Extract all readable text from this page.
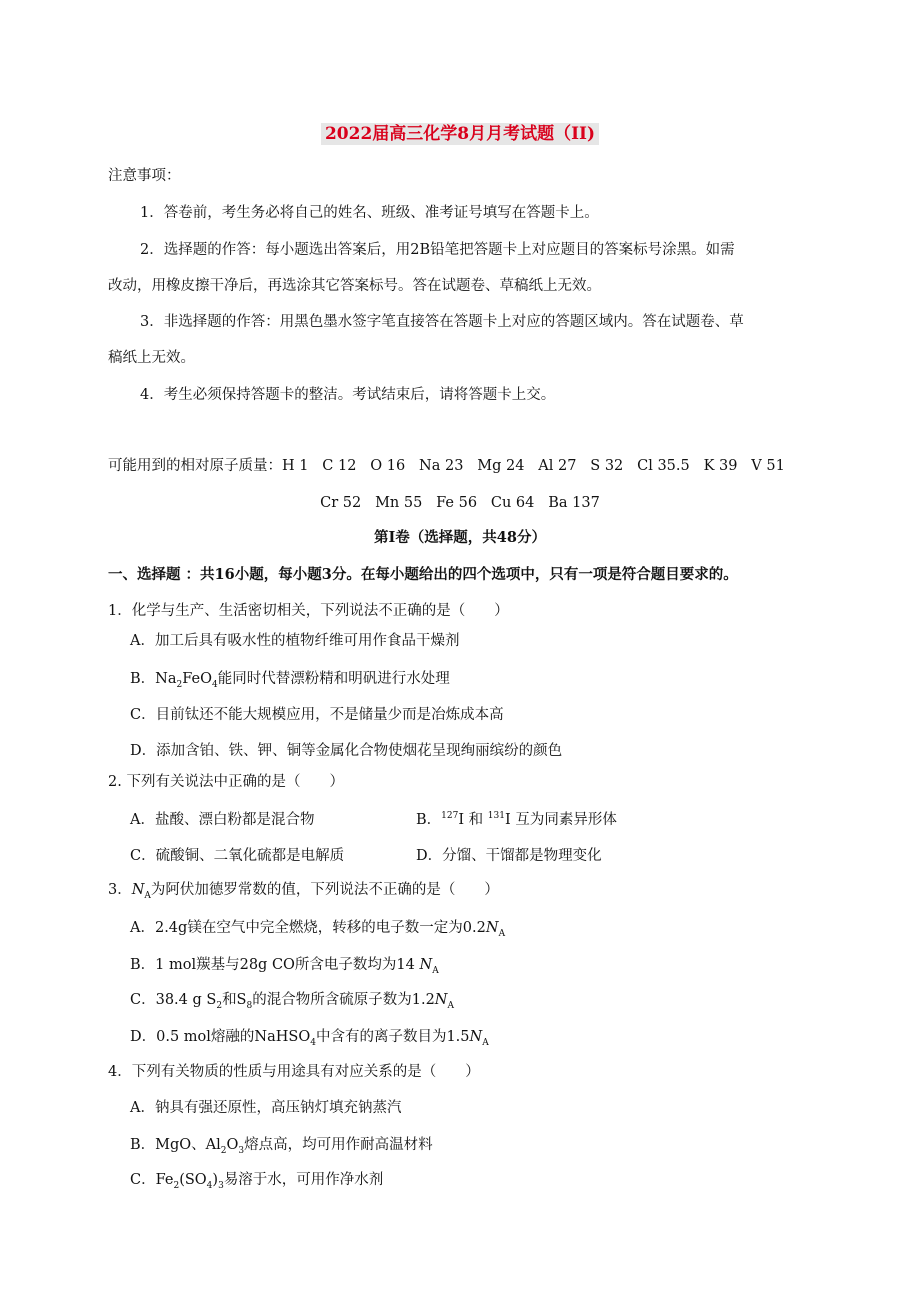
2022届高三化学8月月考试题（II)
注意事项：
1．答卷前，考生务必将自己的姓名、班级、准考证号填写在答题卡上。
2．选择题的作答：每小题选出答案后，用2B铅笔把答题卡上对应题目的答案标号涂黑。如需
改动，用橡皮擦干净后，再选涂其它答案标号。答在试题卷、草稿纸上无效。
3．非选择题的作答：用黑色墨水签字笔直接答在答题卡上对应的答题区域内。答在试题卷、草
稿纸上无效。
4．考生必须保持答题卡的整洁。考试结束后，请将答题卡上交。
可能用到的相对原子质量：H 1   C 12   O 16   Na 23   Mg 24   Al 27   S 32   Cl 35.5   K 39   V 51
Cr 52   Mn 55   Fe 56   Cu 64   Ba 137
第Ⅰ卷（选择题，共48分）
一、选择题 ：共16小题，每小题3分。在每小题给出的四个选项中，只有一项是符合题目要求的。
1．化学与生产、生活密切相关，下列说法不正确的是（　　）
A．加工后具有吸水性的植物纤维可用作食品干燥剂
B．$Na_2FeO_4$能同时代替漂粉精和明矾进行水处理
C．目前钛还不能大规模应用，不是储量少而是冶炼成本高
D．添加含铂、铁、钾、铜等金属化合物使烟花呈现绚丽缤纷的颜色
2. 下列有关说法中正确的是（　　）
A．盐酸、漂白粉都是混合物	B．$^{127}$I 和 $^{131}$I 互为同素异形体
C．硫酸铜、二氧化硫都是电解质	D．分馏、干馏都是物理变化
3．$N_A$为阿伏加德罗常数的值，下列说法不正确的是（　　）
A．2.4g镁在空气中完全燃烧，转移的电子数一定为$0.2N_A$
B．1 mol羰基与28g CO所含电子数均为14 $N_A$
C．38.4 g $S_2$和$S_8$的混合物所含硫原子数为$1.2N_A$
D．0.5 mol熔融的NaHSO$_4$中含有的离子数目为$1.5N_A$
4．下列有关物质的性质与用途具有对应关系的是（　　）
A．钠具有强还原性，高压钠灯填充钠蒸汽
B．MgO、$Al_2O_3$熔点高，均可用作耐高温材料
C．$Fe_2(SO_4)_3$易溶于水，可用作净水剂
